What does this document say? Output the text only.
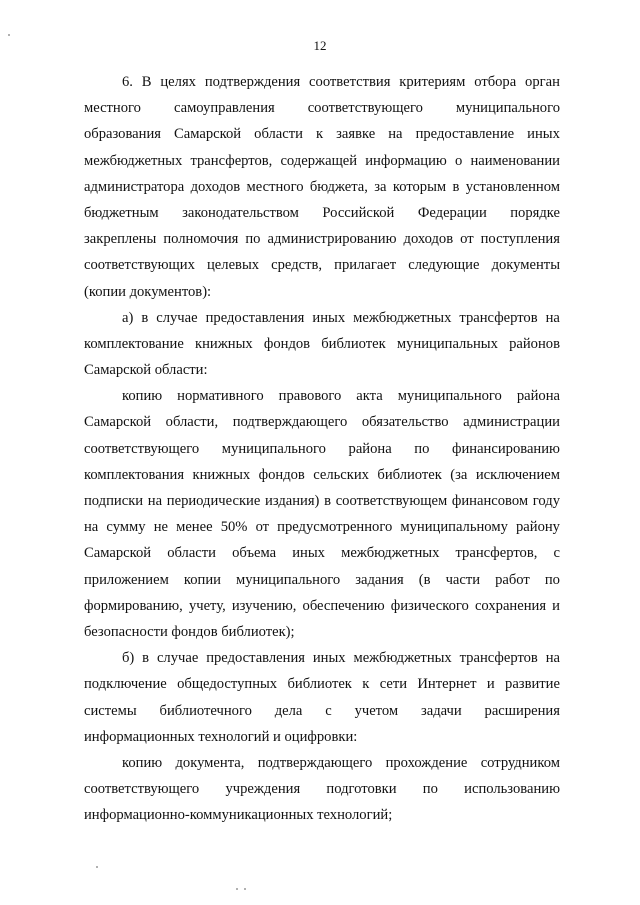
12
6. В целях подтверждения соответствия критериям отбора орган
местного самоуправления соответствующего муниципального
образования Самарской области к заявке на предоставление иных
межбюджетных трансфертов, содержащей информацию о наименовании
администратора доходов местного бюджета, за которым в установленном
бюджетным законодательством Российской Федерации порядке
закреплены полномочия по администрированию доходов от поступления
соответствующих целевых средств, прилагает следующие документы
(копии документов):
а) в случае предоставления иных межбюджетных трансфертов на
комплектование книжных фондов библиотек муниципальных районов
Самарской области:
копию нормативного правового акта муниципального района
Самарской области, подтверждающего обязательство администрации
соответствующего муниципального района по финансированию
комплектования книжных фондов сельских библиотек (за исключением
подписки на периодические издания) в соответствующем финансовом году
на сумму не менее 50% от предусмотренного муниципальному району
Самарской области объема иных межбюджетных трансфертов, с
приложением копии муниципального задания (в части работ по
формированию, учету, изучению, обеспечению физического сохранения и
безопасности фондов библиотек);
б) в случае предоставления иных межбюджетных трансфертов на
подключение общедоступных библиотек к сети Интернет и развитие
системы библиотечного дела с учетом задачи расширения
информационных технологий и оцифровки:
копию документа, подтверждающего прохождение сотрудником
соответствующего учреждения подготовки по использованию
информационно-коммуникационных технологий;
